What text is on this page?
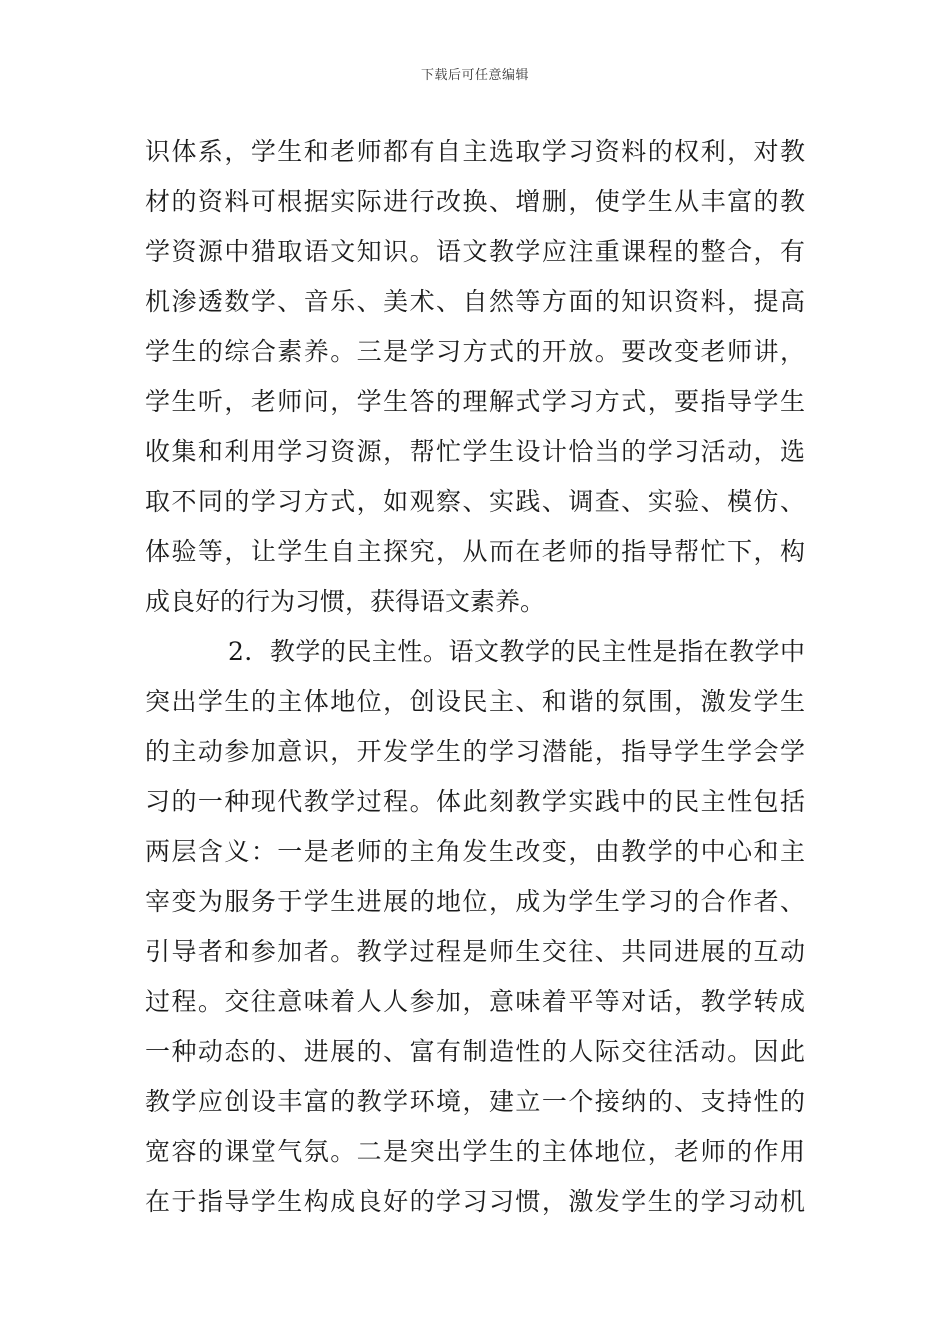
下载后可任意编辑
识体系，学生和老师都有自主选取学习资料的权利，对教
材的资料可根据实际进行改换、增删，使学生从丰富的教
学资源中猎取语文知识。语文教学应注重课程的整合，有
机渗透数学、音乐、美术、自然等方面的知识资料，提高
学生的综合素养。三是学习方式的开放。要改变老师讲，
学生听，老师问，学生答的理解式学习方式，要指导学生
收集和利用学习资源，帮忙学生设计恰当的学习活动，选
取不同的学习方式，如观察、实践、调查、实验、模仿、
体验等，让学生自主探究，从而在老师的指导帮忙下，构
成良好的行为习惯，获得语文素养。
2．教学的民主性。语文教学的民主性是指在教学中
突出学生的主体地位，创设民主、和谐的氛围，激发学生
的主动参加意识，开发学生的学习潜能，指导学生学会学
习的一种现代教学过程。体此刻教学实践中的民主性包括
两层含义：一是老师的主角发生改变，由教学的中心和主
宰变为服务于学生进展的地位，成为学生学习的合作者、
引导者和参加者。教学过程是师生交往、共同进展的互动
过程。交往意味着人人参加，意味着平等对话，教学转成
一种动态的、进展的、富有制造性的人际交往活动。因此
教学应创设丰富的教学环境，建立一个接纳的、支持性的
宽容的课堂气氛。二是突出学生的主体地位，老师的作用
在于指导学生构成良好的学习习惯，激发学生的学习动机
